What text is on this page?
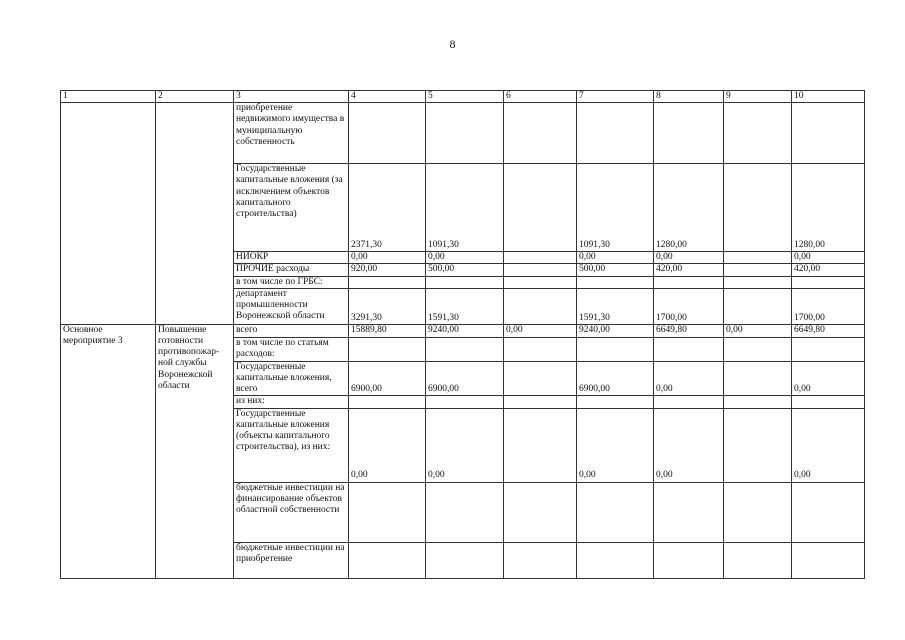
8
1	2	3	4	5	6	7	8	9	10
		приобретение недвижимого имущества в муниципальную собственность							
		Государственные капитальные вложения (за исключением объектов капитального строительства)	2371,30	1091,30		1091,30	1280,00		1280,00
		НИОКР	0,00	0,00		0,00	0,00		0,00
		ПРОЧИЕ расходы	920,00	500,00		500,00	420,00		420,00
		в том числе по ГРБС:							
		департамент промышленности Воронежской области	3291,30	1591,30		1591,30	1700,00		1700,00
Основное мероприятие 3	Повышение готовности противопожар-ной службы Воронежской области	всего	15889,80	9240,00	0,00	9240,00	6649,80	0,00	6649,80
		в том числе по статьям расходов:							
		Государственные капитальные вложения, всего	6900,00	6900,00		6900,00	0,00		0,00
		из них:							
		Государственные капитальные вложения (объекты капитального строительства), из них:	0,00	0,00		0,00	0,00		0,00
		бюджетные инвестиции на финансирование объектов областной собственности							
		бюджетные инвестиции на приобретение							
